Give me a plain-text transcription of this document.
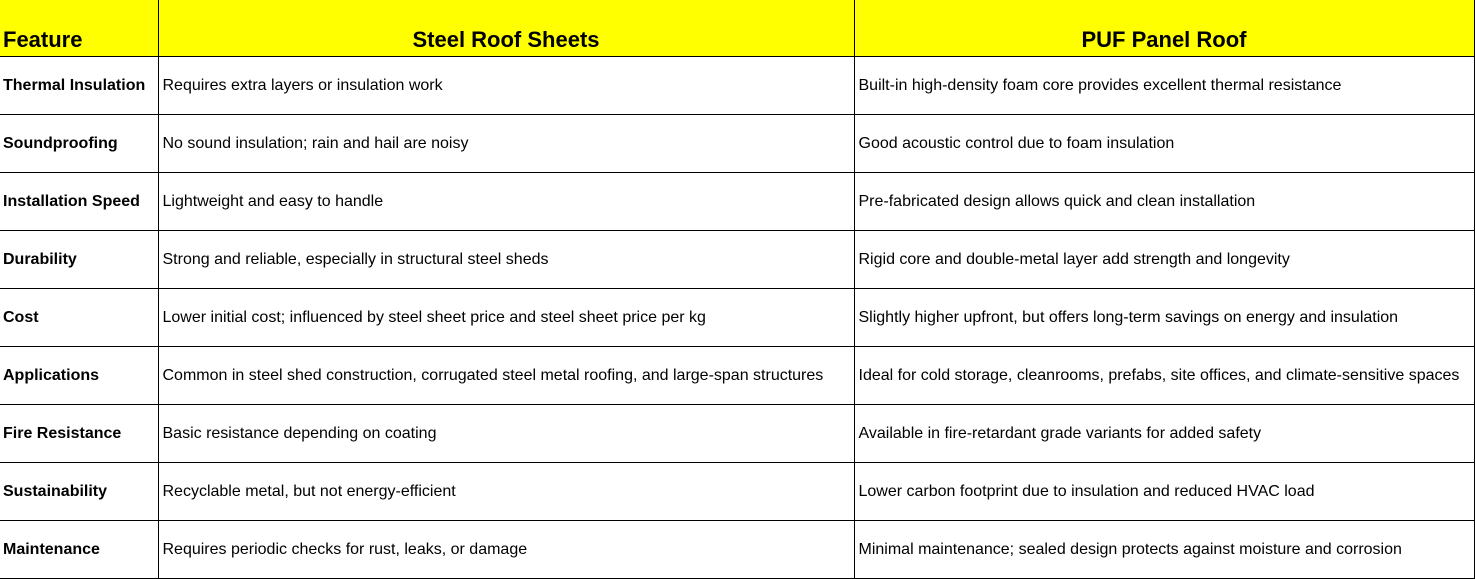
Feature	Steel Roof Sheets	PUF Panel Roof
Thermal Insulation	Requires extra layers or insulation work	Built-in high-density foam core provides excellent thermal resistance
Soundproofing	No sound insulation; rain and hail are noisy	Good acoustic control due to foam insulation
Installation Speed	Lightweight and easy to handle	Pre-fabricated design allows quick and clean installation
Durability	Strong and reliable, especially in structural steel sheds	Rigid core and double-metal layer add strength and longevity
Cost	Lower initial cost; influenced by steel sheet price and steel sheet price per kg	Slightly higher upfront, but offers long-term savings on energy and insulation
Applications	Common in steel shed construction, corrugated steel metal roofing, and large-span structures	Ideal for cold storage, cleanrooms, prefabs, site offices, and climate-sensitive spaces
Fire Resistance	Basic resistance depending on coating	Available in fire-retardant grade variants for added safety
Sustainability	Recyclable metal, but not energy-efficient	Lower carbon footprint due to insulation and reduced HVAC load
Maintenance	Requires periodic checks for rust, leaks, or damage	Minimal maintenance; sealed design protects against moisture and corrosion
